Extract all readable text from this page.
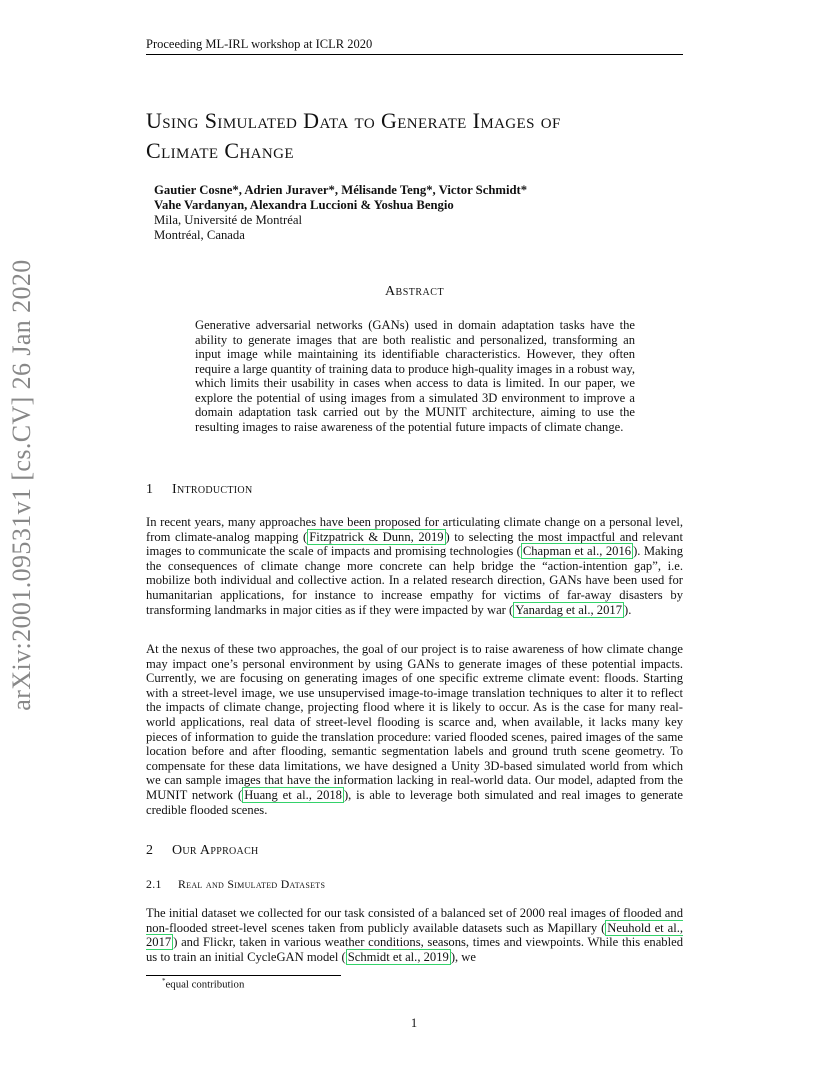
Proceeding ML-IRL workshop at ICLR 2020
arXiv:2001.09531v1 [cs.CV] 26 Jan 2020
Using Simulated Data to Generate Images of
Climate Change
Gautier Cosne*, Adrien Juraver*, Mélisande Teng*, Victor Schmidt*
Vahe Vardanyan, Alexandra Luccioni & Yoshua Bengio
Mila, Université de Montréal
Montréal, Canada
Abstract
Generative adversarial networks (GANs) used in domain adaptation tasks have the ability to generate images that are both realistic and personalized, transforming an input image while maintaining its identifiable characteristics. However, they often require a large quantity of training data to produce high-quality images in a robust way, which limits their usability in cases when access to data is limited. In our paper, we explore the potential of using images from a simulated 3D environment to improve a domain adaptation task carried out by the MUNIT architecture, aiming to use the resulting images to raise awareness of the potential future impacts of climate change.
1 Introduction
In recent years, many approaches have been proposed for articulating climate change on a personal level, from climate-analog mapping ( Fitzpatrick & Dunn, 2019 ) to selecting the most impactful and relevant images to communicate the scale of impacts and promising technologies ( Chapman et al., 2016 ). Making the consequences of climate change more concrete can help bridge the “action-intention gap”, i.e. mobilize both individual and collective action. In a related research direction, GANs have been used for humanitarian applications, for instance to increase empathy for victims of far-away disasters by transforming landmarks in major cities as if they were impacted by war ( Yanardag et al., 2017 ).
At the nexus of these two approaches, the goal of our project is to raise awareness of how climate change may impact one’s personal environment by using GANs to generate images of these potential impacts. Currently, we are focusing on generating images of one specific extreme climate event: floods. Starting with a street-level image, we use unsupervised image-to-image translation techniques to alter it to reflect the impacts of climate change, projecting flood where it is likely to occur. As is the case for many real-world applications, real data of street-level flooding is scarce and, when available, it lacks many key pieces of information to guide the translation procedure: varied flooded scenes, paired images of the same location before and after flooding, semantic segmentation labels and ground truth scene geometry. To compensate for these data limitations, we have designed a Unity 3D-based simulated world from which we can sample images that have the information lacking in real-world data. Our model, adapted from the MUNIT network ( Huang et al., 2018 ), is able to leverage both simulated and real images to generate credible flooded scenes.
2 Our Approach
2.1 Real and Simulated Datasets
The initial dataset we collected for our task consisted of a balanced set of 2000 real images of flooded and non-flooded street-level scenes taken from publicly available datasets such as Mapillary ( Neuhold et al., 2017 ) and Flickr, taken in various weather conditions, seasons, times and viewpoints. While this enabled us to train an initial CycleGAN model ( Schmidt et al., 2019 ), we
*equal contribution
1
